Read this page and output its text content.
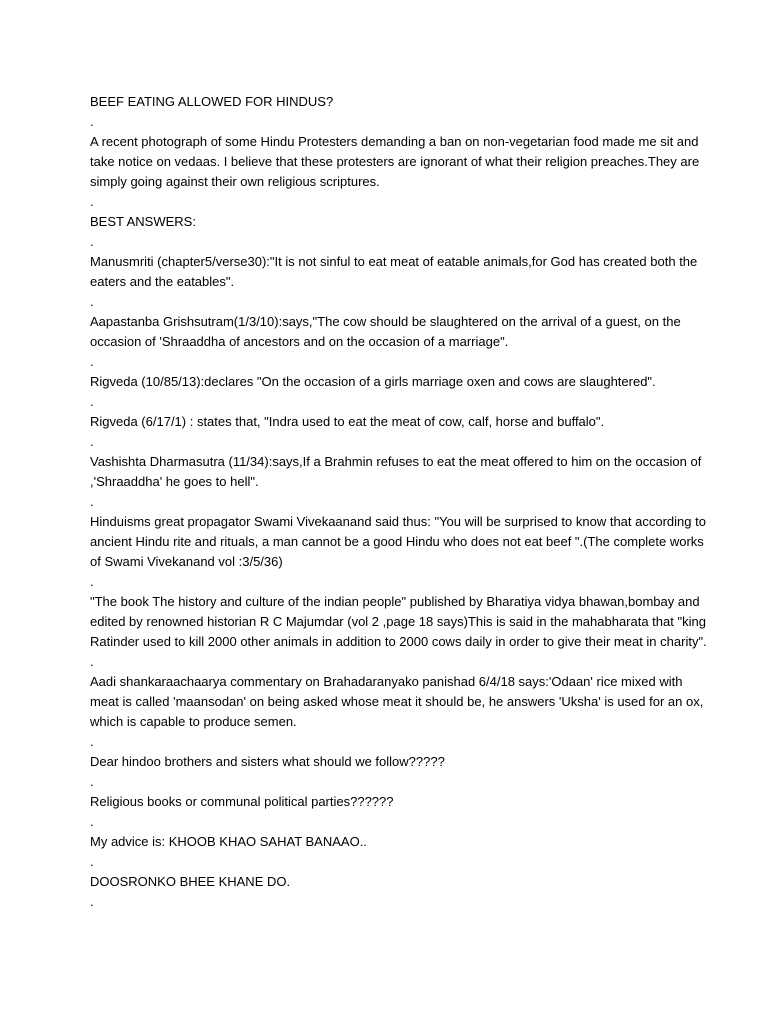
BEEF EATING ALLOWED FOR HINDUS?

.

A recent photograph of some Hindu Protesters demanding a ban on non-vegetarian food made me sit and take notice on vedaas. I believe that these protesters are ignorant of what their religion preaches.They are simply going against their own religious scriptures.

.

BEST ANSWERS:

.

Manusmriti (chapter5/verse30):"It is not sinful to eat meat of eatable animals,for God has created both the eaters and the eatables".

.

Aapastanba Grishsutram(1/3/10):says,"The cow should be slaughtered on the arrival of a guest, on the occasion of 'Shraaddha of ancestors and on the occasion of a marriage".

.

Rigveda (10/85/13):declares "On the occasion of a girls marriage oxen and cows are slaughtered".

.

Rigveda (6/17/1) : states that, "Indra used to eat the meat of cow, calf, horse and buffalo".

.

Vashishta Dharmasutra (11/34):says,If a Brahmin refuses to eat the meat offered to him on the occasion of ,'Shraaddha' he goes to hell".

.

Hinduisms great propagator Swami Vivekaanand said thus: "You will be surprised to know that according to ancient Hindu rite and rituals, a man cannot be a good Hindu who does not eat beef ".(The complete works of Swami Vivekanand vol :3/5/36)

.

"The book The history and culture of the indian people" published by Bharatiya vidya bhawan,bombay and edited by renowned historian R C Majumdar (vol 2 ,page 18 says)This is said in the mahabharata that "king Ratinder used to kill 2000 other animals in addition to 2000 cows daily in order to give their meat in charity".

.

Aadi shankaraachaarya commentary on Brahadaranyako panishad 6/4/18 says:'Odaan' rice mixed with meat is called 'maansodan' on being asked whose meat it should be, he answers 'Uksha' is used for an ox, which is capable to produce semen.

.

Dear hindoo brothers and sisters what should we follow?????

.

Religious books or communal political parties??????

.

My advice is: KHOOB KHAO SAHAT BANAAO..

.

DOOSRONKO BHEE KHANE DO.

.
